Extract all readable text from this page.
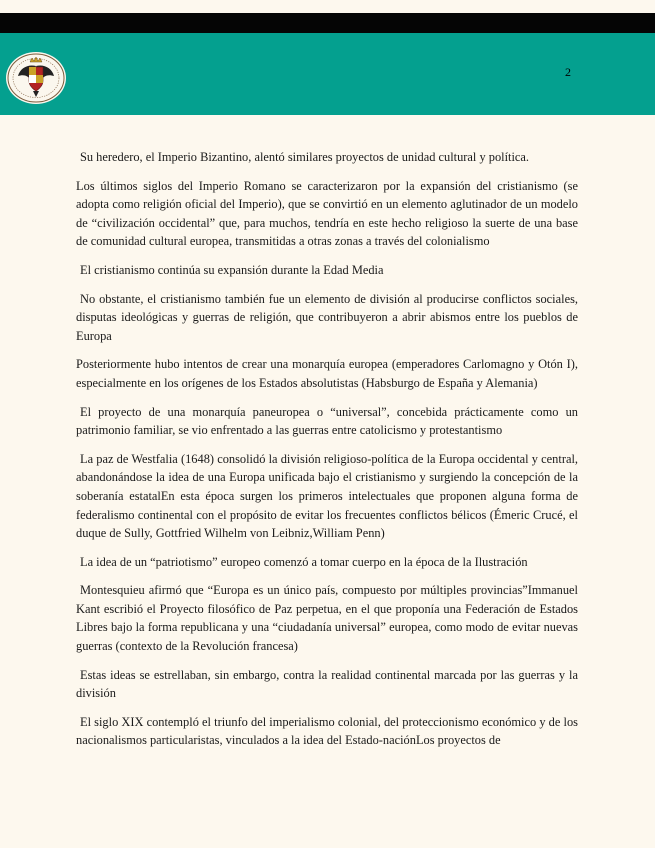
2

Su heredero, el Imperio Bizantino, alentó similares proyectos de unidad cultural y política.

Los últimos siglos del Imperio Romano se caracterizaron por la expansión del cristianismo (se adopta como religión oficial del Imperio), que se convirtió en un elemento aglutinador de un modelo de “civilización occidental” que, para muchos, tendría en este hecho religioso la suerte de una base de comunidad cultural europea, transmitidas a otras zonas a través del colonialismo

El cristianismo continúa su expansión durante la Edad Media

No obstante, el cristianismo también fue un elemento de división al producirse conflictos sociales, disputas ideológicas y guerras de religión, que contribuyeron a abrir abismos entre los pueblos de Europa

Posteriormente hubo intentos de crear una monarquía europea (emperadores Carlomagno y Otón I), especialmente en los orígenes de los Estados absolutistas (Habsburgo de España y Alemania)

El proyecto de una monarquía paneuropea o “universal”, concebida prácticamente como un patrimonio familiar, se vio enfrentado a las guerras entre catolicismo y protestantismo

La paz de Westfalia (1648) consolidó la división religioso-política de la Europa occidental y central, abandonándose la idea de una Europa unificada bajo el cristianismo y surgiendo la concepción de la soberanía estatalEn esta época surgen los primeros intelectuales que proponen alguna forma de federalismo continental con el propósito de evitar los frecuentes conflictos bélicos (Émeric Crucé, el duque de Sully, Gottfried Wilhelm von Leibniz,William Penn)

La idea de un “patriotismo” europeo comenzó a tomar cuerpo en la época de la Ilustración

Montesquieu afirmó que “Europa es un único país, compuesto por múltiples provincias”Immanuel Kant escribió el Proyecto filosófico de Paz perpetua, en el que proponía una Federación de Estados Libres bajo la forma republicana y una “ciudadanía universal” europea, como modo de evitar nuevas guerras (contexto de la Revolución francesa)

Estas ideas se estrellaban, sin embargo, contra la realidad continental marcada por las guerras y la división

El siglo XIX contempló el triunfo del imperialismo colonial, del proteccionismo económico y de los nacionalismos particularistas, vinculados a la idea del Estado-naciónLos proyectos de
